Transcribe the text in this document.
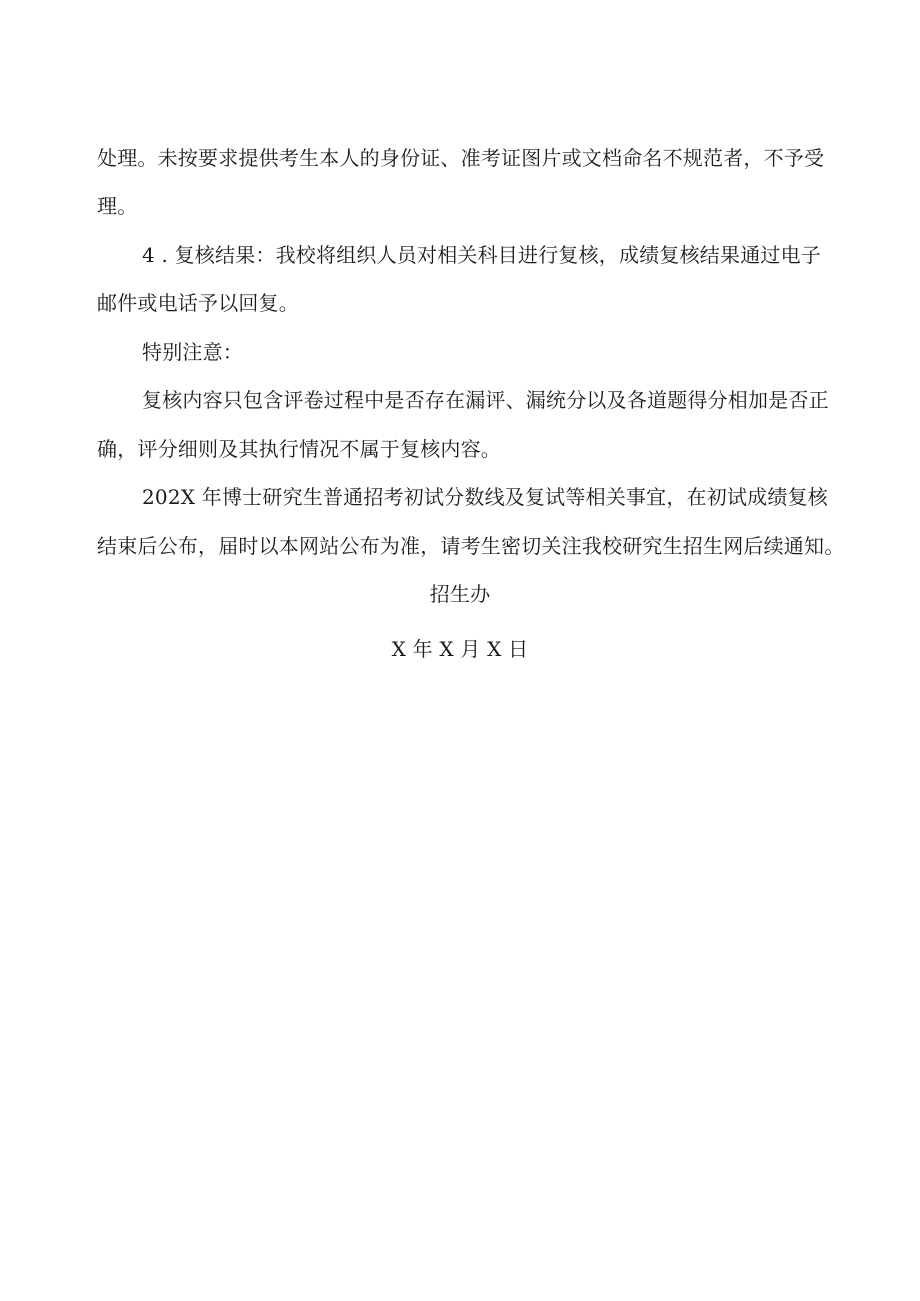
处理。未按要求提供考生本人的身份证、准考证图片或文档命名不规范者，不予受
理。
4 . 复核结果：我校将组织人员对相关科目进行复核，成绩复核结果通过电子
邮件或电话予以回复。
特别注意：
复核内容只包含评卷过程中是否存在漏评、漏统分以及各道题得分相加是否正
确，评分细则及其执行情况不属于复核内容。
202X 年博士研究生普通招考初试分数线及复试等相关事宜，在初试成绩复核
结束后公布，届时以本网站公布为准，请考生密切关注我校研究生招生网后续通知。
招生办
X 年 X 月 X 日
